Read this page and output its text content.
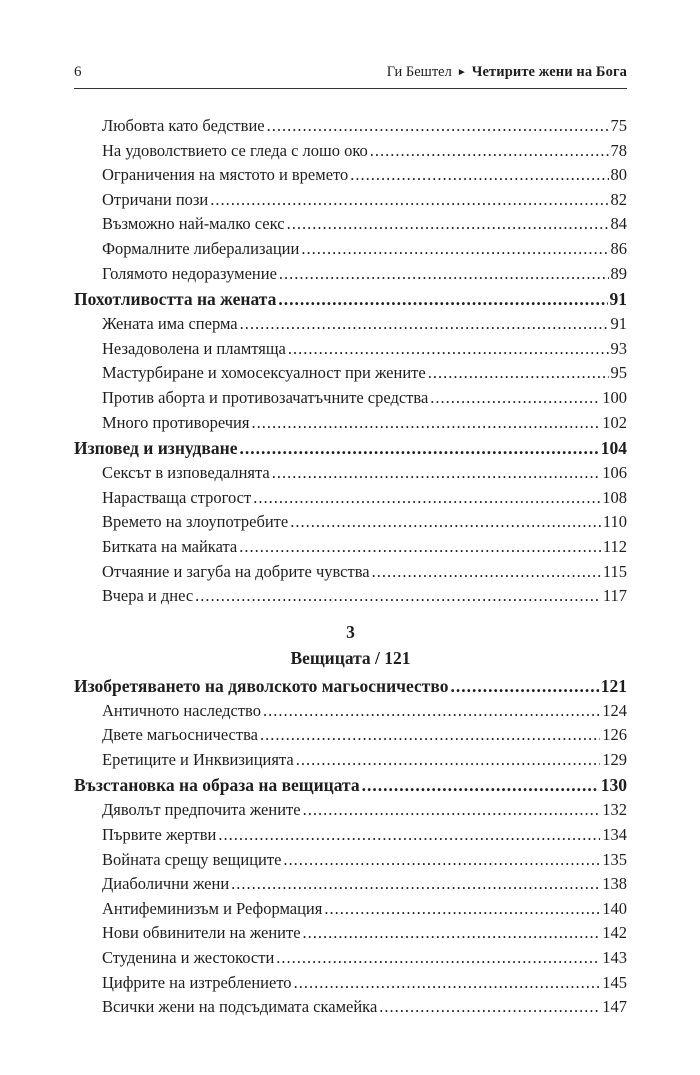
6	Ги Бештел ► Четирите жени на Бога
Любовта като бедствие .....	75
На удоволствието се гледа с лошо око .....	78
Ограничения на мястото и времето .....	80
Отричани пози .....	82
Възможно най-малко секс .....	84
Формалните либерализации .....	86
Голямото недоразумение .....	89
Похотливостта на жената .....	91
Жената има сперма .....	91
Незадоволена и пламтяща .....	93
Мастурбиране и хомосексуалност при жените .....	95
Против аборта и противозачатъчните средства .....	100
Много противоречия .....	102
Изповед и изнудване .....	104
Сексът в изповедалнята .....	106
Нарастваща строгост .....	108
Времето на злоупотребите .....	110
Битката на майката .....	112
Отчаяние и загуба на добрите чувства .....	115
Вчера и днес .....	117
3
Вещицата / 121
Изобретяването на дяволското магьосничество .....	121
Античното наследство .....	124
Двете магьосничества .....	126
Еретиците и Инквизицията .....	129
Възстановка на образа на вещицата .....	130
Дяволът предпочита жените .....	132
Първите жертви .....	134
Войната срещу вещиците .....	135
Диаболични жени .....	138
Антифеминизъм и Реформация .....	140
Нови обвинители на жените .....	142
Студенина и жестокости .....	143
Цифрите на изтреблението .....	145
Всички жени на подсъдимата скамейка .....	147
